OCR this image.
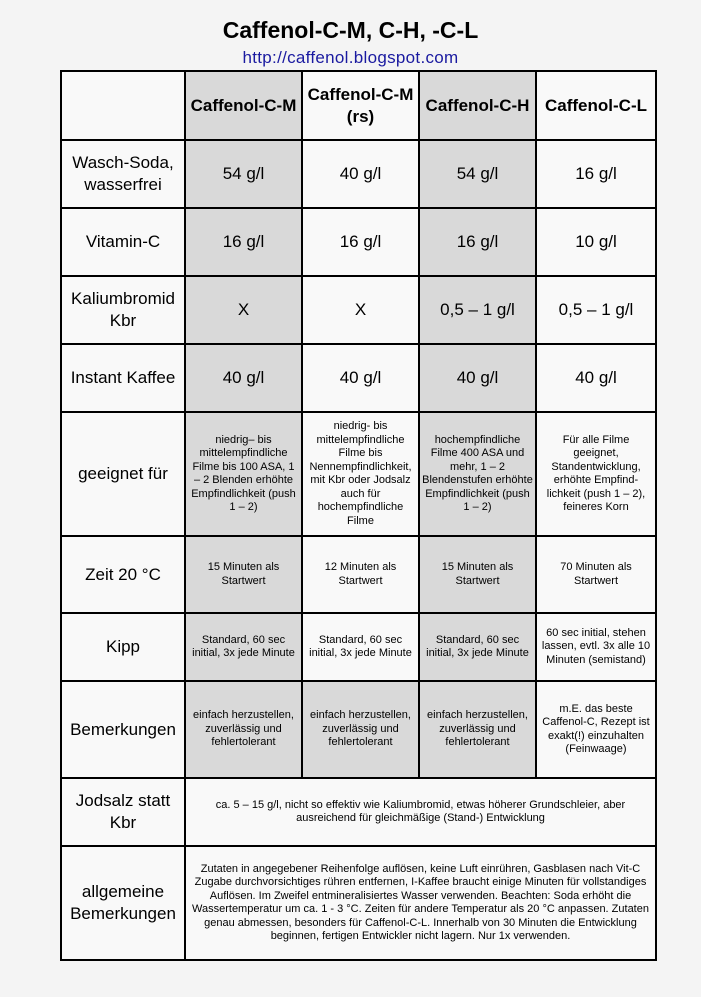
Caffenol-C-M, C-H, -C-L
http://caffenol.blogspot.com
	Caffenol-C-M	Caffenol-C-M (rs)	Caffenol-C-H	Caffenol-C-L
Wasch-Soda, wasserfrei	54 g/l	40 g/l	54 g/l	16 g/l
Vitamin-C	16 g/l	16 g/l	16 g/l	10 g/l
Kaliumbromid Kbr	X	X	0,5 – 1 g/l	0,5 – 1 g/l
Instant Kaffee	40 g/l	40 g/l	40 g/l	40 g/l
geeignet für	niedrig– bis mittelempfindliche Filme bis 100 ASA, 1 – 2 Blenden erhöhte Empfindlichkeit (push 1 – 2)	niedrig- bis mittelempfindliche Filme bis Nennempfindlichkeit, mit Kbr oder Jodsalz auch für hochempfindliche Filme	hochempfindliche Filme 400 ASA und mehr, 1 – 2 Blendenstufen erhöhte Empfindlichkeit (push 1 – 2)	Für alle Filme geeignet, Standentwicklung, erhöhte Empfind-lichkeit (push 1 – 2), feineres Korn
Zeit 20 °C	15 Minuten als Startwert	12 Minuten als Startwert	15 Minuten als Startwert	70 Minuten als Startwert
Kipp	Standard, 60 sec initial, 3x jede Minute	Standard, 60 sec initial, 3x jede Minute	Standard, 60 sec initial, 3x jede Minute	60 sec initial, stehen lassen, evtl. 3x alle 10 Minuten (semistand)
Bemerkungen	einfach herzustellen, zuverlässig und fehlertolerant	einfach herzustellen, zuverlässig und fehlertolerant	einfach herzustellen, zuverlässig und fehlertolerant	m.E. das beste Caffenol-C, Rezept ist exakt(!) einzuhalten (Feinwaage)
Jodsalz statt Kbr	ca. 5 – 15 g/l, nicht so effektiv wie Kaliumbromid, etwas höherer Grundschleier, aber ausreichend für gleichmäßige (Stand-) Entwicklung			
allgemeine Bemerkungen	Zutaten in angegebener Reihenfolge auflösen, keine Luft einrühren, Gasblasen nach Vit-C Zugabe durchvorsichtiges rühren entfernen, I-Kaffee braucht einige Minuten für vollstandiges Auflösen. Im Zweifel entmineralisiertes Wasser verwenden. Beachten: Soda erhöht die Wassertemperatur um ca. 1 - 3 °C. Zeiten für andere Temperatur als 20 °C anpassen. Zutaten genau abmessen, besonders für Caffenol-C-L. Innerhalb von 30 Minuten die Entwicklung beginnen, fertigen Entwickler nicht lagern. Nur 1x verwenden.			
